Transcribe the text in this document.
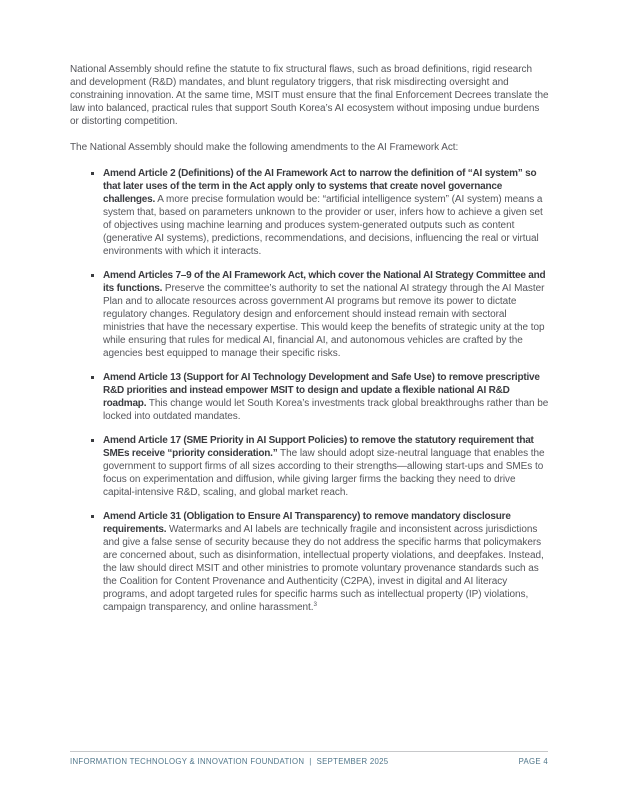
National Assembly should refine the statute to fix structural flaws, such as broad definitions, rigid research and development (R&D) mandates, and blunt regulatory triggers, that risk misdirecting oversight and constraining innovation. At the same time, MSIT must ensure that the final Enforcement Decrees translate the law into balanced, practical rules that support South Korea’s AI ecosystem without imposing undue burdens or distorting competition.

The National Assembly should make the following amendments to the AI Framework Act:

Amend Article 2 (Definitions) of the AI Framework Act to narrow the definition of “AI system” so that later uses of the term in the Act apply only to systems that create novel governance challenges. A more precise formulation would be: “artificial intelligence system” (AI system) means a system that, based on parameters unknown to the provider or user, infers how to achieve a given set of objectives using machine learning and produces system-generated outputs such as content (generative AI systems), predictions, recommendations, and decisions, influencing the real or virtual environments with which it interacts.
Amend Articles 7–9 of the AI Framework Act, which cover the National AI Strategy Committee and its functions. Preserve the committee’s authority to set the national AI strategy through the AI Master Plan and to allocate resources across government AI programs but remove its power to dictate regulatory changes. Regulatory design and enforcement should instead remain with sectoral ministries that have the necessary expertise. This would keep the benefits of strategic unity at the top while ensuring that rules for medical AI, financial AI, and autonomous vehicles are crafted by the agencies best equipped to manage their specific risks.
Amend Article 13 (Support for AI Technology Development and Safe Use) to remove prescriptive R&D priorities and instead empower MSIT to design and update a flexible national AI R&D roadmap. This change would let South Korea’s investments track global breakthroughs rather than be locked into outdated mandates.
Amend Article 17 (SME Priority in AI Support Policies) to remove the statutory requirement that SMEs receive “priority consideration.” The law should adopt size-neutral language that enables the government to support firms of all sizes according to their strengths—allowing start-ups and SMEs to focus on experimentation and diffusion, while giving larger firms the backing they need to drive capital-intensive R&D, scaling, and global market reach.
Amend Article 31 (Obligation to Ensure AI Transparency) to remove mandatory disclosure requirements. Watermarks and AI labels are technically fragile and inconsistent across jurisdictions and give a false sense of security because they do not address the specific harms that policymakers are concerned about, such as disinformation, intellectual property violations, and deepfakes. Instead, the law should direct MSIT and other ministries to promote voluntary provenance standards such as the Coalition for Content Provenance and Authenticity (C2PA), invest in digital and AI literacy programs, and adopt targeted rules for specific harms such as intellectual property (IP) violations, campaign transparency, and online harassment.$^3$
INFORMATION TECHNOLOGY & INNOVATION FOUNDATION | SEPTEMBER 2025	PAGE 4
